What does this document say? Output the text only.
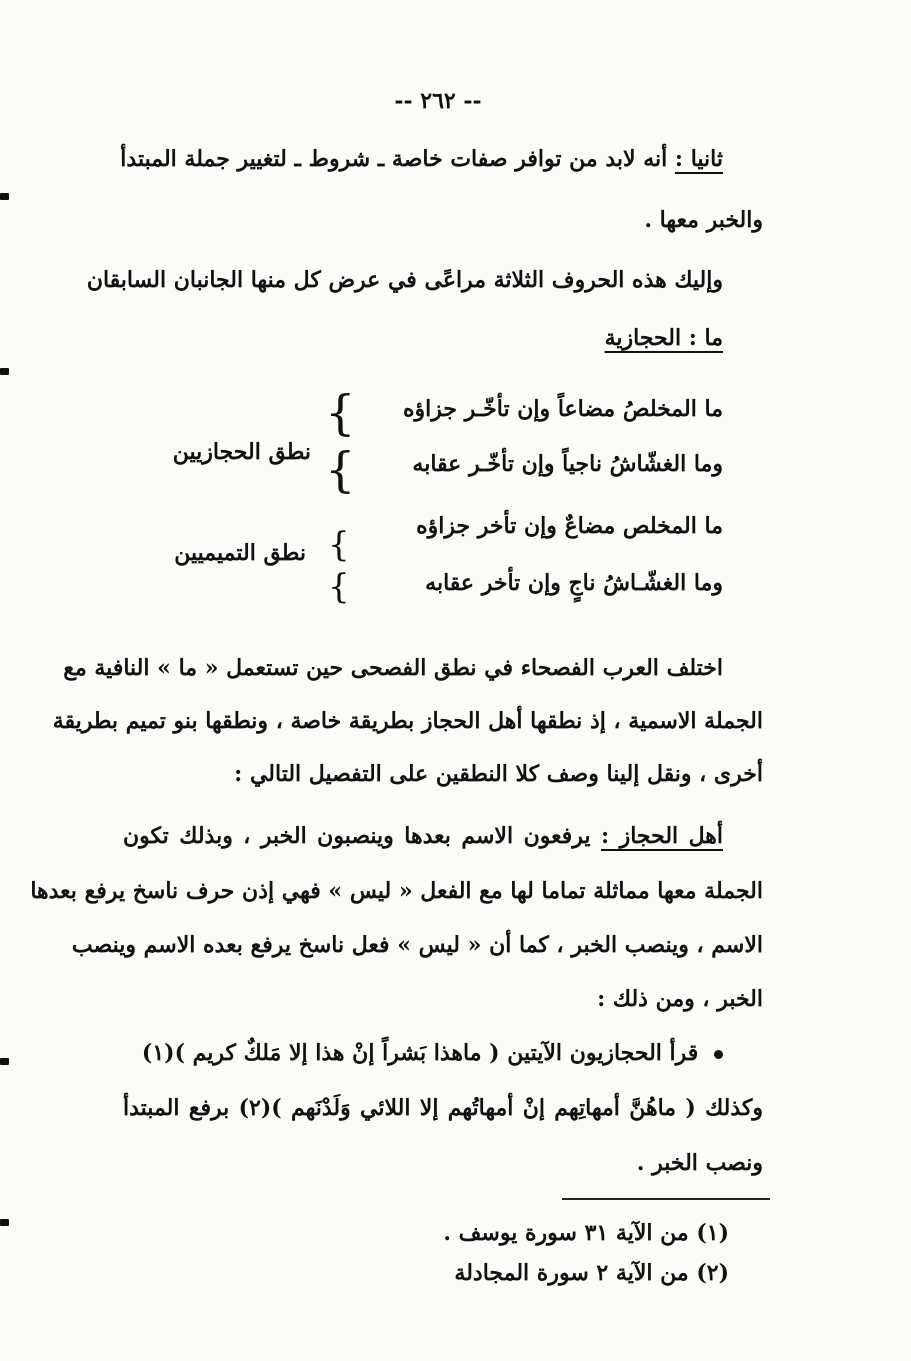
-- ٢٦٢ --
ثانيا : أنه لابد من توافر صفات خاصة ـ شروط ـ لتغيير جملة المبتدأ
والخبر معها .
وإليك هذه الحروف الثلاثة مراعًى في عرض كل منها الجانبان السابقان
ما : الحجازية
ما المخلصُ مضاعاً وإن تأخّـر جزاؤه
وما الغشّاشُ ناجياً وإن تأخّـر عقابه
{
{
نطق الحجازيين
ما المخلص مضاعٌ وإن تأخر جزاؤه
وما الغشّـاشُ ناجٍ وإن تأخر عقابه
{
{
نطق التميميين
اختلف العرب الفصحاء في نطق الفصحى حين تستعمل « ما » النافية مع
الجملة الاسمية ، إذ نطقها أهل الحجاز بطريقة خاصة ، ونطقها بنو تميم بطريقة
أخرى ، ونقل إلينا وصف كلا النطقين على التفصيل التالي :
أهل الحجاز : يرفعون الاسم بعدها وينصبون الخبر ، وبذلك تكون
الجملة معها مماثلة تماما لها مع الفعل « ليس » فهي إذن حرف ناسخ يرفع بعدها
الاسم ، وينصب الخبر ، كما أن « ليس » فعل ناسخ يرفع بعده الاسم وينصب
الخبر ، ومن ذلك :
قرأ الحجازيون الآيتين ( ماهذا بَشراً إنْ هذا إلا مَلكٌ كريم )(١)
وكذلك ( ماهُنَّ أمهاتِهم إنْ أمهاتُهم إلا اللائي وَلَدْنَهم )(٢) برفع المبتدأ
ونصب الخبر .
(١) من الآية ٣١ سورة يوسف .
(٢) من الآية ٢ سورة المجادلة
